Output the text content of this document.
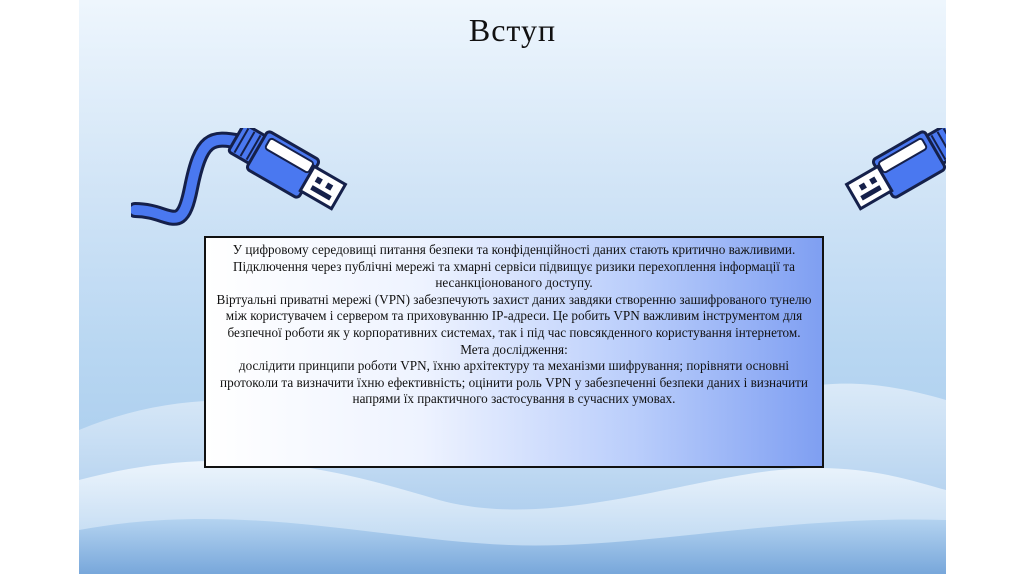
Вступ

У цифровому середовищі питання безпеки та конфіденційності даних стають критично важливими. Підключення через публічні мережі та хмарні сервіси підвищує ризики перехоплення інформації та несанкціонованого доступу.

Віртуальні приватні мережі (VPN) забезпечують захист даних завдяки створенню зашифрованого тунелю між користувачем і сервером та приховуванню IP-адреси. Це робить VPN важливим інструментом для безпечної роботи як у корпоративних системах, так і під час повсякденного користування інтернетом.

Мета дослідження:

дослідити принципи роботи VPN, їхню архітектуру та механізми шифрування; порівняти основні протоколи та визначити їхню ефективність; оцінити роль VPN у забезпеченні безпеки даних і визначити напрями їх практичного застосування в сучасних умовах.
